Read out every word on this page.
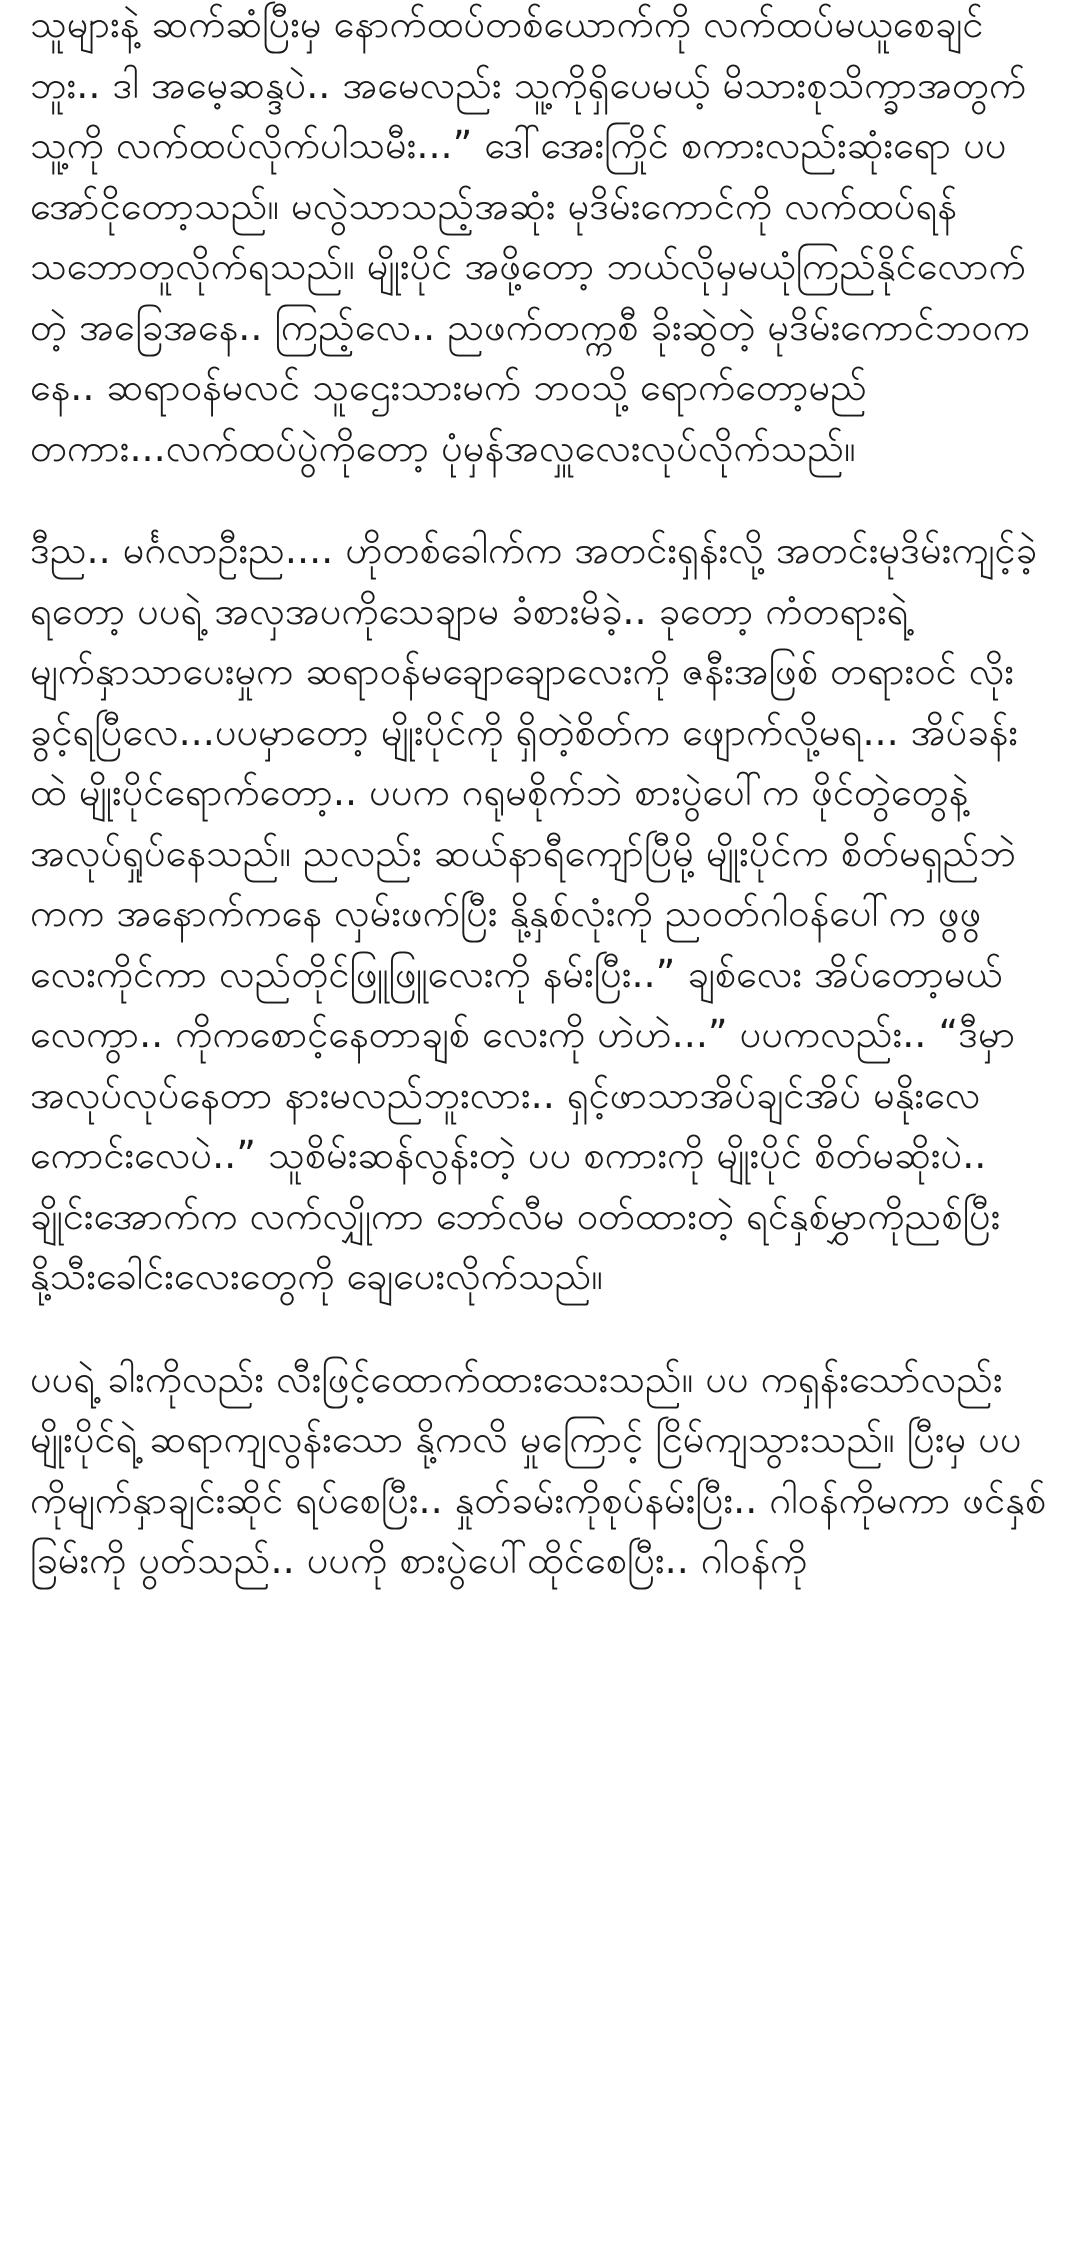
သူများနဲ့ ဆက်ဆံပြီးမှ နောက်ထပ်တစ်ယောက်ကို လက်ထပ်မယူစေချင်ဘူး.. ဒါ အမေ့ဆန္ဒပဲ.. အမေလည်း သူ့ကိုရှိပေမယ့် မိသားစုသိက္ခာအတွက် သူ့ကို လက်ထပ်လိုက်ပါသမီး...” ဒေါ်အေးကြိုင် စကားလည်းဆုံးရော ပပ အော်ငိုတော့သည်။ မလွဲသာသည့်အဆုံး မုဒိမ်းကောင်ကို လက်ထပ်ရန် သဘောတူလိုက်ရသည်။ မျိုးပိုင် အဖို့တော့ ဘယ်လိုမှမယုံကြည်နိုင်လောက်တဲ့ အခြေအနေ.. ကြည့်လေ.. ညဖက်တက္ကစီ ခိုးဆွဲတဲ့ မုဒိမ်းကောင်ဘဝကနေ.. ဆရာဝန်မလင် သူဌေးသားမက် ဘဝသို့ ရောက်တော့မည် တကား...လက်ထပ်ပွဲကိုတော့ ပုံမှန်အလှူလေးလုပ်လိုက်သည်။

ဒီည.. မင်္ဂလာဦးည.... ဟိုတစ်ခေါက်က အတင်းရှန်းလို့ အတင်းမုဒိမ်းကျင့်ခဲ့ရတော့ ပပရဲ့ အလှအပကိုသေချာမ ခံစားမိခဲ့.. ခုတော့ ကံတရားရဲ့မျက်နှာသာပေးမှုက ဆရာဝန်မချောချောလေးကို ဇနီးအဖြစ် တရားဝင် လိုးခွင့်ရပြီလေ...ပပမှာတော့ မျိုးပိုင်ကို ရှိတဲ့စိတ်က ဖျောက်လို့မရ... အိပ်ခန်းထဲ မျိုးပိုင်ရောက်တော့.. ပပက ဂရုမစိုက်ဘဲ စားပွဲပေါ်က ဖိုင်တွဲတွေနဲ့ အလုပ်ရှုပ်နေသည်။ ညလည်း ဆယ်နာရီကျော်ပြီမို့ မျိုးပိုင်က စိတ်မရှည်ဘဲ ကက အနောက်ကနေ လှမ်းဖက်ပြီး နို့နှစ်လုံးကို ညဝတ်ဂါဝန်ပေါ်က ဖွဖွလေးကိုင်ကာ လည်တိုင်ဖြူဖြူလေးကို နမ်းပြီး..” ချစ်လေး အိပ်တော့မယ်လေကွာ.. ကိုကစောင့်နေတာချစ် လေးကို ဟဲဟဲ...” ပပကလည်း.. “ဒီမှာ အလုပ်လုပ်နေတာ နားမလည်ဘူးလား.. ရှင့်ဖာသာအိပ်ချင်အိပ် မနိုးလေ ကောင်းလေပဲ..” သူစိမ်းဆန်လွန်းတဲ့ ပပ စကားကို မျိုးပိုင် စိတ်မဆိုးပဲ.. ချိုင်းအောက်က လက်လျှိုကာ ဘော်လီမ ဝတ်ထားတဲ့ ရင်နှစ်မွှာကိုညစ်ပြီး နို့သီးခေါင်းလေးတွေကို ချေပေးလိုက်သည်။

ပပရဲ့ ခါးကိုလည်း လီးဖြင့်ထောက်ထားသေးသည်။ ပပ ကရှန်းသော်လည်း မျိုးပိုင်ရဲ့ ဆရာကျလွန်းသော နို့ကလိ မှုကြောင့် ငြိမ်ကျသွားသည်။ ပြီးမှ ပပကိုမျက်နှာချင်းဆိုင် ရပ်စေပြီး.. နှုတ်ခမ်းကိုစုပ်နမ်းပြီး.. ဂါဝန်ကိုမကာ ဖင်နှစ် ခြမ်းကို ပွတ်သည်.. ပပကို စားပွဲပေါ်ထိုင်စေပြီး.. ဂါဝန်ကို
